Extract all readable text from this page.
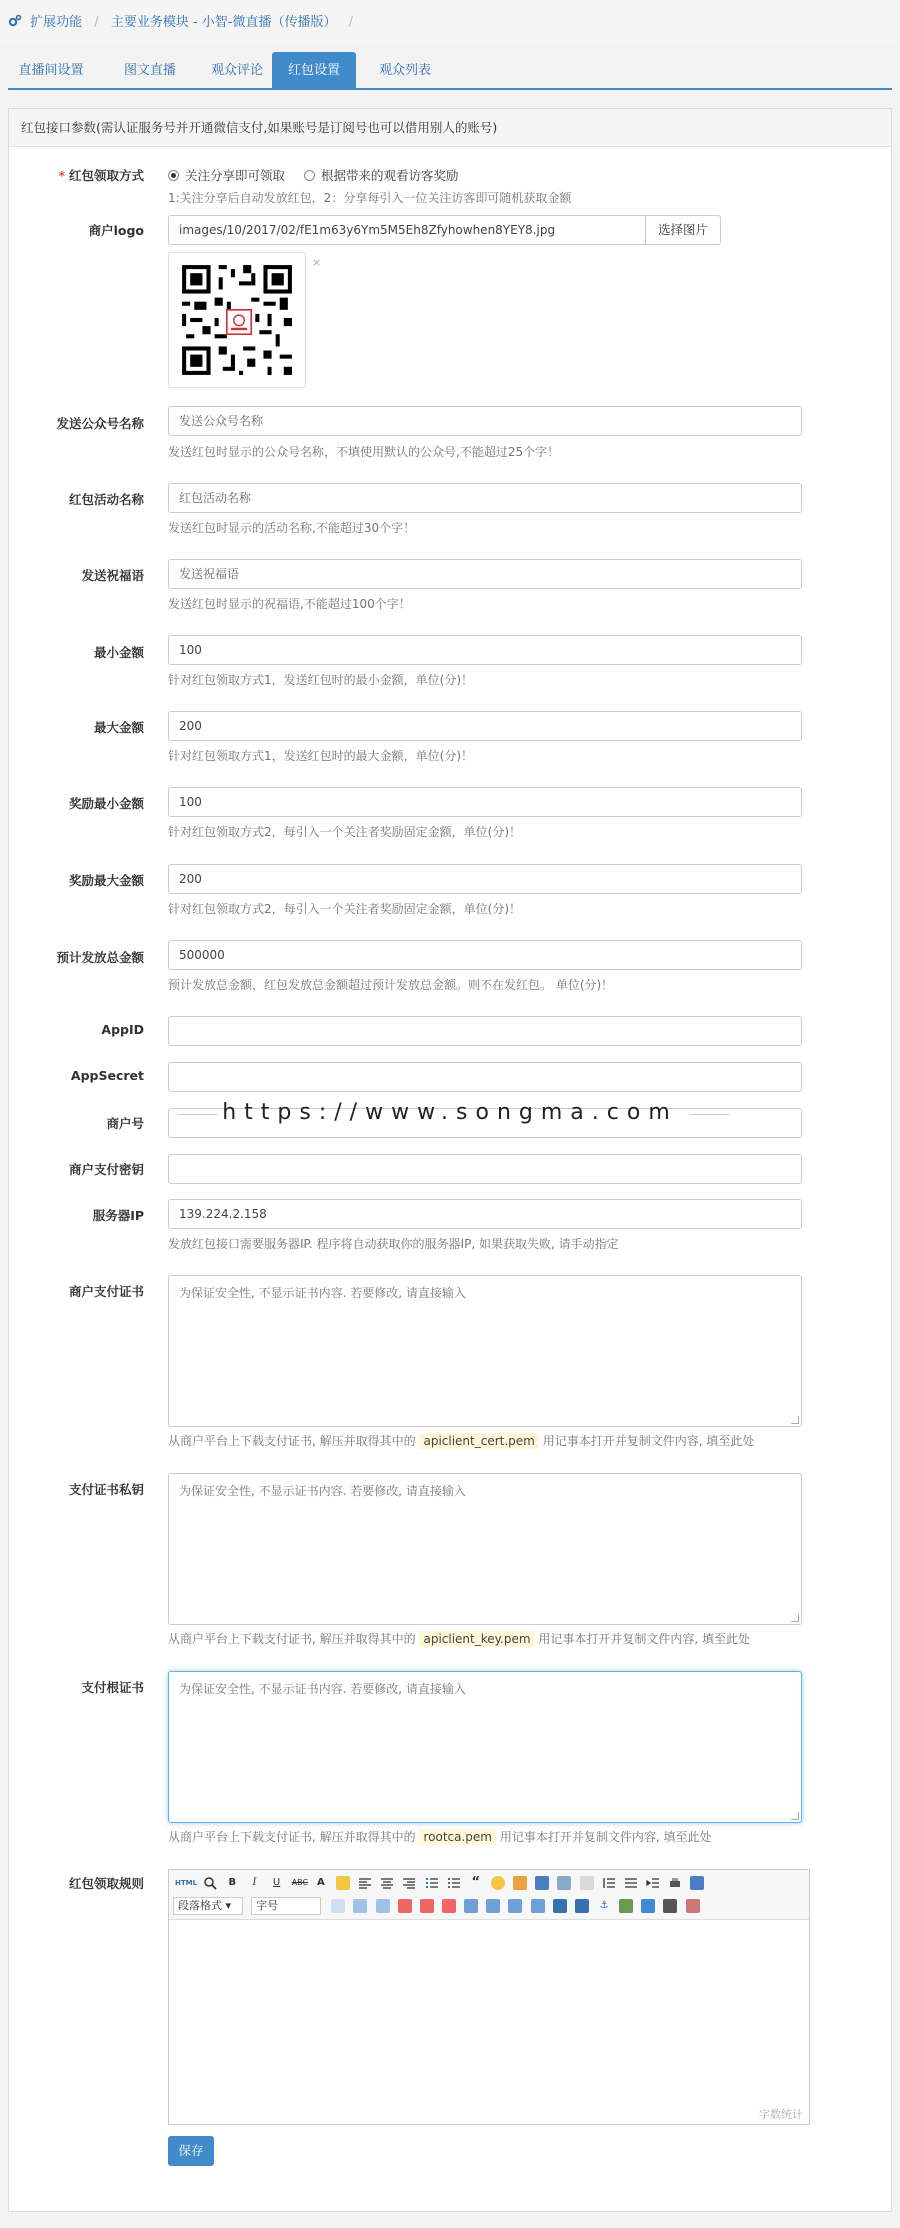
扩展功能 / 主要业务模块 - 小智-微直播（传播版） /
直播间设置	图文直播	观众评论	红包设置	观众列表
红包接口参数(需认证服务号并开通微信支付,如果账号是订阅号也可以借用别人的账号)
* 红包领取方式	关注分享即可领取	根据带来的观看访客奖励
1:关注分享后自动发放红包，2：分享每引入一位关注访客即可随机获取金额
商户logo	images/10/2017/02/fE1m63y6Ym5M5Eh8Zfyhowhen8YEY8.jpg	选择图片
×
发送公众号名称	发送公众号名称
发送红包时显示的公众号名称，不填使用默认的公众号,不能超过25个字！
红包活动名称	红包活动名称
发送红包时显示的活动名称,不能超过30个字！
发送祝福语	发送祝福语
发送红包时显示的祝福语,不能超过100个字！
最小金额	100
针对红包领取方式1，发送红包时的最小金额，单位(分)！
最大金额	200
针对红包领取方式1，发送红包时的最大金额，单位(分)！
奖励最小金额	100
针对红包领取方式2，每引入一个关注者奖励固定金额，单位(分)！
奖励最大金额	200
针对红包领取方式2，每引入一个关注者奖励固定金额，单位(分)！
预计发放总金额	500000
预计发放总金额，红包发放总金额超过预计发放总金额。则不在发红包。 单位(分)！
AppID
AppSecret
商户号	https://www.songma.com
商户支付密钥
服务器IP	139.224.2.158
发放红包接口需要服务器IP. 程序将自动获取你的服务器IP, 如果获取失败, 请手动指定
商户支付证书	为保证安全性, 不显示证书内容. 若要修改, 请直接输入
从商户平台上下载支付证书, 解压并取得其中的 apiclient_cert.pem 用记事本打开并复制文件内容, 填至此处
支付证书私钥	为保证安全性, 不显示证书内容. 若要修改, 请直接输入
从商户平台上下载支付证书, 解压并取得其中的 apiclient_key.pem 用记事本打开并复制文件内容, 填至此处
支付根证书	为保证安全性, 不显示证书内容. 若要修改, 请直接输入
从商户平台上下载支付证书, 解压并取得其中的 rootca.pem 用记事本打开并复制文件内容, 填至此处
红包领取规则	HTML	B I U ABC A	“
段落格式 ▾ 字号	⚓
字数统计
保存
